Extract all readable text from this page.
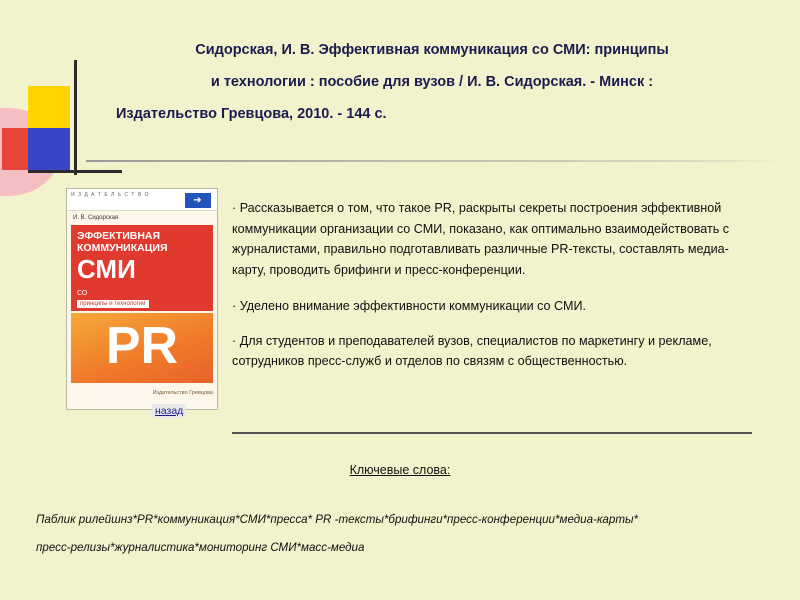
Сидорская, И. В. Эффективная коммуникация со СМИ: принципы
и технологии : пособие для вузов / И. В. Сидорская. - Минск :
Издательство Гревцова, 2010. - 144 с.
И З Д А Т Е Л Ь С Т В О	➔
И. В. Сидорская
ЭФФЕКТИВНАЯ
КОММУНИКАЦИЯ
СО
СМИ
принципы и технологии
PR
Издательство Гревцова
назад

· Рассказывается о том, что такое PR, раскрыты секреты построения эффективной коммуникации организации со СМИ, показано, как оптимально взаимодействовать с журналистами, правильно подготавливать различные PR-тексты, составлять медиа-карту, проводить брифинги и пресс-конференции.

· Уделено внимание эффективности коммуникации со СМИ.

· Для студентов и преподавателей вузов, специалистов по маркетингу и рекламе, сотрудников пресс-служб и отделов по связям с общественностью.

Ключевые слова:
Паблик рилейшнз*PR*коммуникация*СМИ*пресса* PR -тексты*брифинги*пресс-конференции*медиа-карты*
пресс-релизы*журналистика*мониторинг СМИ*масс-медиа
